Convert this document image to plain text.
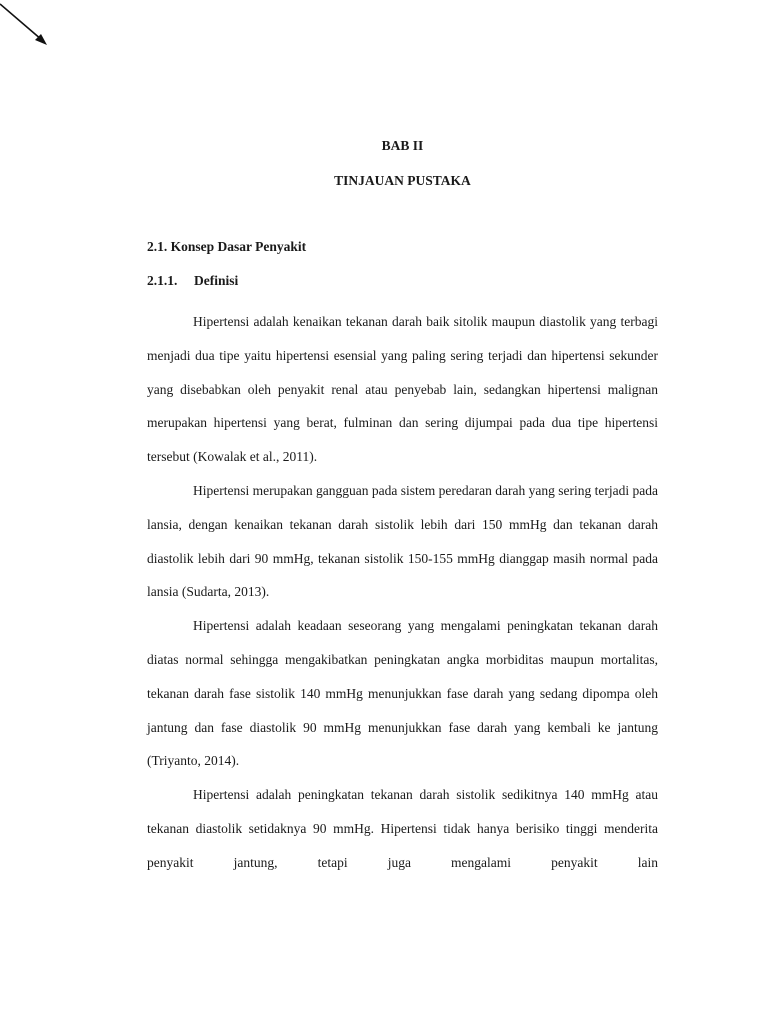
BAB II
TINJAUAN PUSTAKA
2.1. Konsep Dasar Penyakit
2.1.1. Definisi

Hipertensi adalah kenaikan tekanan darah baik sitolik maupun diastolik yang terbagi menjadi dua tipe yaitu hipertensi esensial yang paling sering terjadi dan hipertensi sekunder yang disebabkan oleh penyakit renal atau penyebab lain, sedangkan hipertensi malignan merupakan hipertensi yang berat, fulminan dan sering dijumpai pada dua tipe hipertensi tersebut (Kowalak et al., 2011).

Hipertensi merupakan gangguan pada sistem peredaran darah yang sering terjadi pada lansia, dengan kenaikan tekanan darah sistolik lebih dari 150 mmHg dan tekanan darah diastolik lebih dari 90 mmHg, tekanan sistolik 150-155 mmHg dianggap masih normal pada lansia (Sudarta, 2013).

Hipertensi adalah keadaan seseorang yang mengalami peningkatan tekanan darah diatas normal sehingga mengakibatkan peningkatan angka morbiditas maupun mortalitas, tekanan darah fase sistolik 140 mmHg menunjukkan fase darah yang sedang dipompa oleh jantung dan fase diastolik 90 mmHg menunjukkan fase darah yang kembali ke jantung (Triyanto, 2014).

Hipertensi adalah peningkatan tekanan darah sistolik sedikitnya 140 mmHg atau tekanan diastolik setidaknya 90 mmHg. Hipertensi tidak hanya berisiko tinggi menderita penyakit jantung, tetapi juga mengalami penyakit lain
